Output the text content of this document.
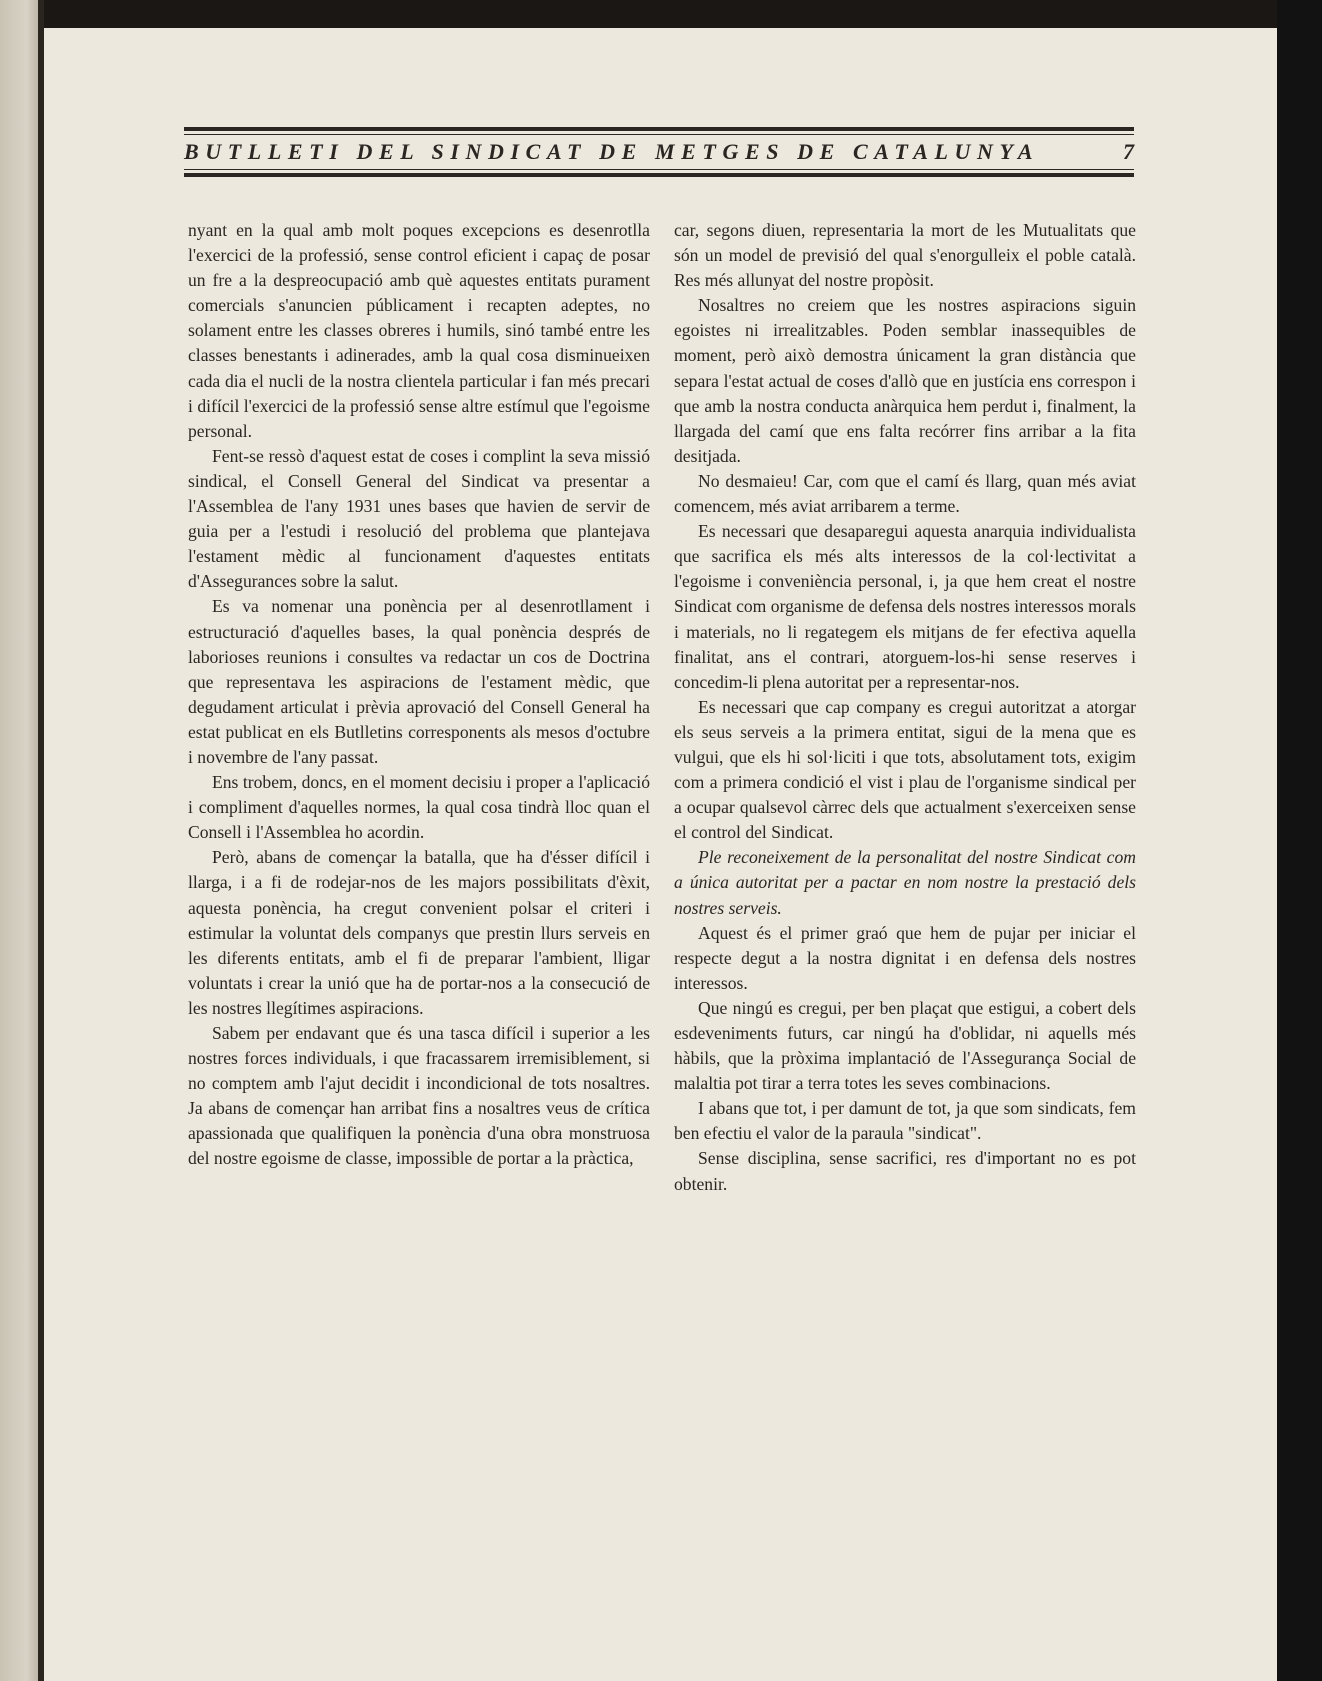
BUTLLETI DEL SINDICAT DE METGES DE CATALUNYA	7

nyant en la qual amb molt poques excepcions es desenrotlla l'exercici de la professió, sense control eficient i capaç de posar un fre a la despreocupació amb què aquestes entitats purament comercials s'anuncien públicament i recapten adeptes, no solament entre les classes obreres i humils, sinó també entre les classes benestants i adinerades, amb la qual cosa disminueixen cada dia el nucli de la nostra clientela particular i fan més precari i difícil l'exercici de la professió sense altre estímul que l'egoisme personal.

Fent-se ressò d'aquest estat de coses i complint la seva missió sindical, el Consell General del Sindicat va presentar a l'Assemblea de l'any 1931 unes bases que havien de servir de guia per a l'estudi i resolució del problema que plantejava l'estament mèdic al funcionament d'aquestes entitats d'Assegurances sobre la salut.

Es va nomenar una ponència per al desenrotllament i estructuració d'aquelles bases, la qual ponència després de laborioses reunions i consultes va redactar un cos de Doctrina que representava les aspiracions de l'estament mèdic, que degudament articulat i prèvia aprovació del Consell General ha estat publicat en els Butlletins corresponents als mesos d'octubre i novembre de l'any passat.

Ens trobem, doncs, en el moment decisiu i proper a l'aplicació i compliment d'aquelles normes, la qual cosa tindrà lloc quan el Consell i l'Assemblea ho acordin.

Però, abans de començar la batalla, que ha d'ésser difícil i llarga, i a fi de rodejar-nos de les majors possibilitats d'èxit, aquesta ponència, ha cregut convenient polsar el criteri i estimular la voluntat dels companys que prestin llurs serveis en les diferents entitats, amb el fi de preparar l'ambient, lligar voluntats i crear la unió que ha de portar-nos a la consecució de les nostres llegítimes aspiracions.

Sabem per endavant que és una tasca difícil i superior a les nostres forces individuals, i que fracassarem irremisiblement, si no comptem amb l'ajut decidit i incondicional de tots nosaltres. Ja abans de començar han arribat fins a nosaltres veus de crítica apassionada que qualifiquen la ponència d'una obra monstruosa del nostre egoisme de classe, impossible de portar a la pràctica,

car, segons diuen, representaria la mort de les Mutualitats que són un model de previsió del qual s'enorgulleix el poble català. Res més allunyat del nostre propòsit.

Nosaltres no creiem que les nostres aspiracions siguin egoistes ni irrealitzables. Poden semblar inassequibles de moment, però això demostra únicament la gran distància que separa l'estat actual de coses d'allò que en justícia ens correspon i que amb la nostra conducta anàrquica hem perdut i, finalment, la llargada del camí que ens falta recórrer fins arribar a la fita desitjada.

No desmaieu! Car, com que el camí és llarg, quan més aviat comencem, més aviat arribarem a terme.

Es necessari que desaparegui aquesta anarquia individualista que sacrifica els més alts interessos de la col·lectivitat a l'egoisme i conveniència personal, i, ja que hem creat el nostre Sindicat com organisme de defensa dels nostres interessos morals i materials, no li regategem els mitjans de fer efectiva aquella finalitat, ans el contrari, atorguem-los-hi sense reserves i concedim-li plena autoritat per a representar-nos.

Es necessari que cap company es cregui autoritzat a atorgar els seus serveis a la primera entitat, sigui de la mena que es vulgui, que els hi sol·liciti i que tots, absolutament tots, exigim com a primera condició el vist i plau de l'organisme sindical per a ocupar qualsevol càrrec dels que actualment s'exerceixen sense el control del Sindicat.

Ple reconeixement de la personalitat del nostre Sindicat com a única autoritat per a pactar en nom nostre la prestació dels nostres serveis.

Aquest és el primer graó que hem de pujar per iniciar el respecte degut a la nostra dignitat i en defensa dels nostres interessos.

Que ningú es cregui, per ben plaçat que estigui, a cobert dels esdeveniments futurs, car ningú ha d'oblidar, ni aquells més hàbils, que la pròxima implantació de l'Assegurança Social de malaltia pot tirar a terra totes les seves combinacions.

I abans que tot, i per damunt de tot, ja que som sindicats, fem ben efectiu el valor de la paraula "sindicat".

Sense disciplina, sense sacrifici, res d'important no es pot obtenir.
